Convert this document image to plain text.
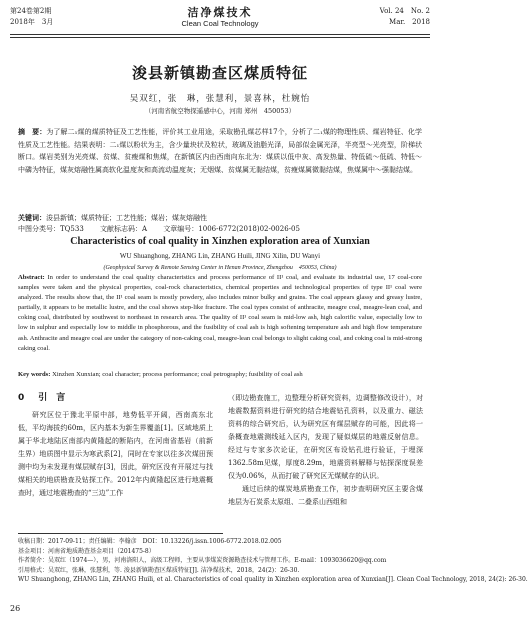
第24卷第2期
2018年　3月
洁净煤技术
Clean Coal Technology
Vol. 24　No. 2
Mar.　2018
浚县新镇勘查区煤质特征
吴双红，张　琳，张慧利，景喜林，杜婉怡
（河南省航空物探遥感中心，河南 郑州　450053）
摘　要：为了解二₁煤的煤质特征及工艺性能，评价其工业用途，采取勘孔煤芯样17个，分析了二₁煤的物理性质、煤岩特征、化学性质及工艺性能。结果表明：二₁煤以粉状为主，含少量块状及粒状，玻璃及油脂光泽，局部似金属光泽，半亮型～光亮型，阶梯状断口。煤岩类别为光亮煤、贫煤、贫瘦煤和焦煤，在新镇区内由西南向东北为：煤质以低中灰、高发热量、特低硫～低硫、特低～中磷为特征，煤灰熔融性属高软化温度灰和高流动温度灰；无烟煤、贫煤属无黏结煤，贫瘦煤属微黏结煤，焦煤属中～强黏结煤。
关键词：浚县新镇；煤质特征；工艺性能；煤岩；煤灰熔融性
中图分类号：TQ533 文献标志码：A 文章编号：1006-6772(2018)02-0026-05
Characteristics of coal quality in Xinzhen exploration area of Xunxian
WU Shuanghong, ZHANG Lin, ZHANG Huili, JING Xilin, DU Wanyi
(Geophysical Survey & Remote Sensing Center in Henan Province, Zhengzhou　450053, China)
Abstract: In order to understand the coal quality characteristics and process performance of II¹ coal, and evaluate its industrial use, 17 coal-core samples were taken and the physical properties, coal-rock characteristics, chemical properties and technological properties of type II¹ coal were analyzed. The results show that, the II¹ coal seam is mostly powdery, also includes minor bulky and grains. The coal appears glassy and greasy lustre, partially, it appears to be metallic lustre, and the coal shows step-like fracture. The coal types consist of anthracite, meagre coal, meagre-lean coal, and coking coal, distributed by southwest to northeast in research area. The quality of II¹ coal seam is mid-low ash, high calorific value, especially low to low in sulphur and especially low to middle in phosphorous, and the fusibility of coal ash is high softening temperature ash and high flow temperature ash. Anthracite and meagre coal are under the category of non-caking coal, meagre-lean coal belongs to slight caking coal, and coking coal is mid-strong caking coal.
Key words: Xinzhen Xunxian; coal character; process performance; coal petrography; fusibility of coal ash
0 引　言
研究区位于豫北平原中部，地势低平开阔，西南高东北低，平均海拔约60m，区内基本为新生界覆盖[1]。区域地质上属于华北地陆区南部内黄隆起的断陷内，在河南省基岩（前新生界）地质图中显示为寒武系[2]，同时在专家以往多次煤田预测中均为未发现有煤层赋存[3]，因此，研究区没有开展过与找煤相关的地质勘查及钻探工作。2012年内黄隆起区进行地震概查时，通过地震勘查的“三边”工作
（即边勘查施工，边整理分析研究资料，边调整修改设计），对地震数据资料进行研究的结合地震钻孔资料，以及重力、磁法资料的综合研究后，认为研究区有煤层赋存的可能，因此将一条概查地震测线延入区内，发现了疑似煤层的地震反射信息。经过与专家多次论证，在研究区布设钻孔进行验证，于埋深1362.58m见煤，厚度8.29m，地震资料解释与钻探深度误差仅为0.06%，从而打破了研究区无煤赋存的认识。
通过后续的煤炭地质勘查工作，初步查明研究区主要含煤地层为石炭系太原组、二叠系山西组和
收稿日期：2017-09-11；责任编辑：李翰彦　DOI：10.13226/j.issn.1006-6772.2018.02.005
基金项目：河南省地质勘查基金项目（201475-8）
作者简介：吴双红（1974—），男，河南洛阳人，高级工程师，主要从事煤炭资源勘查技术与管理工作。E-mail：1093036620@qq.com
引用格式：吴双红，张琳，张慧利，等. 浚县新镇勘查区煤质特征[J]. 洁净煤技术，2018，24(2)：26-30.
WU Shuanghong, ZHANG Lin, ZHANG Huili, et al. Characteristics of coal quality in Xinzhen exploration area of Xunxian[J]. Clean Coal Technology, 2018, 24(2): 26-30.
26
